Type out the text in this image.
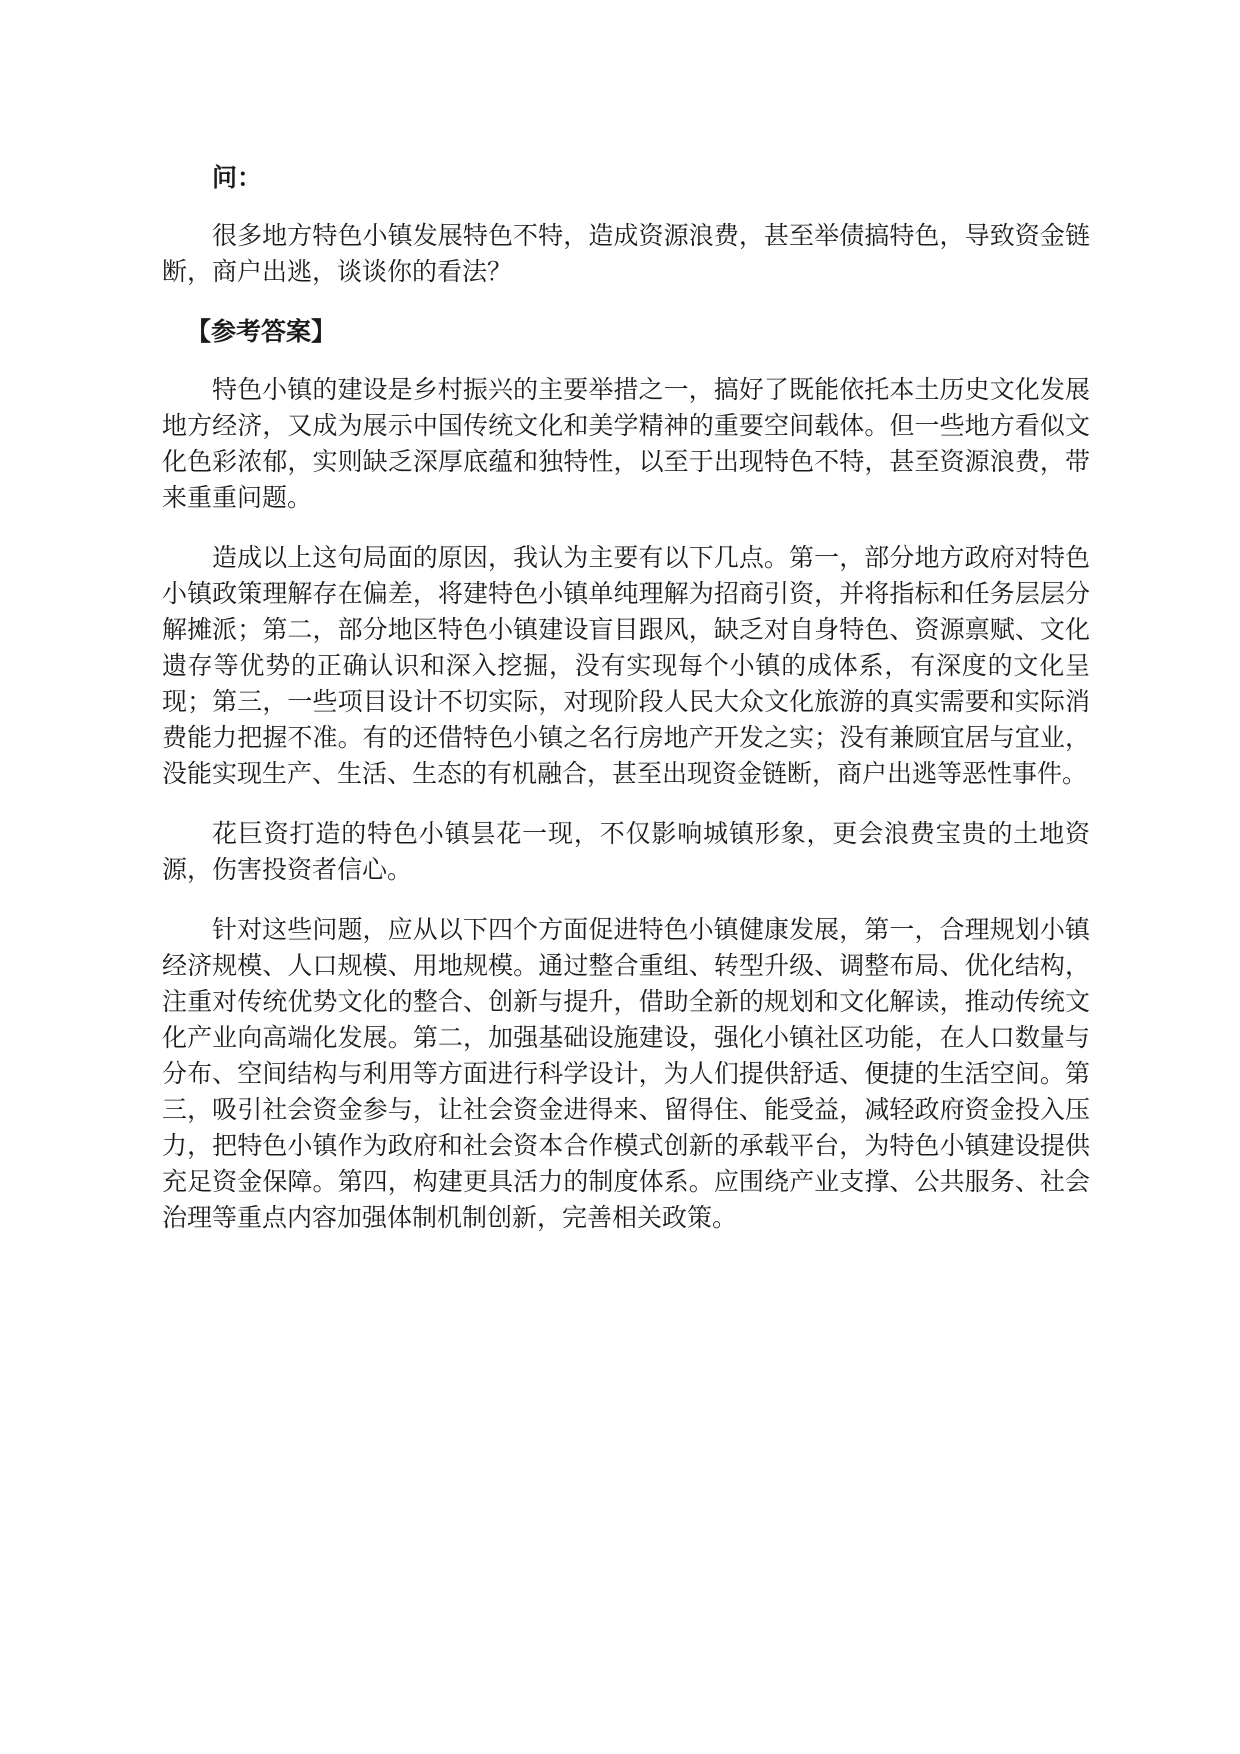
问：

很多地方特色小镇发展特色不特，造成资源浪费，甚至举债搞特色，导致资金链断，商户出逃，谈谈你的看法？

【参考答案】

特色小镇的建设是乡村振兴的主要举措之一，搞好了既能依托本土历史文化发展地方经济，又成为展示中国传统文化和美学精神的重要空间载体。但一些地方看似文化色彩浓郁，实则缺乏深厚底蕴和独特性，以至于出现特色不特，甚至资源浪费，带来重重问题。

造成以上这句局面的原因，我认为主要有以下几点。第一，部分地方政府对特色小镇政策理解存在偏差，将建特色小镇单纯理解为招商引资，并将指标和任务层层分解摊派；第二，部分地区特色小镇建设盲目跟风，缺乏对自身特色、资源禀赋、文化遗存等优势的正确认识和深入挖掘，没有实现每个小镇的成体系，有深度的文化呈现；第三，一些项目设计不切实际，对现阶段人民大众文化旅游的真实需要和实际消费能力把握不准。有的还借特色小镇之名行房地产开发之实；没有兼顾宜居与宜业，没能实现生产、生活、生态的有机融合，甚至出现资金链断，商户出逃等恶性事件。

花巨资打造的特色小镇昙花一现，不仅影响城镇形象，更会浪费宝贵的土地资源，伤害投资者信心。

针对这些问题，应从以下四个方面促进特色小镇健康发展，第一，合理规划小镇经济规模、人口规模、用地规模。通过整合重组、转型升级、调整布局、优化结构，注重对传统优势文化的整合、创新与提升，借助全新的规划和文化解读，推动传统文化产业向高端化发展。第二，加强基础设施建设，强化小镇社区功能，在人口数量与分布、空间结构与利用等方面进行科学设计，为人们提供舒适、便捷的生活空间。第三，吸引社会资金参与，让社会资金进得来、留得住、能受益，减轻政府资金投入压力，把特色小镇作为政府和社会资本合作模式创新的承载平台，为特色小镇建设提供充足资金保障。第四，构建更具活力的制度体系。应围绕产业支撑、公共服务、社会治理等重点内容加强体制机制创新，完善相关政策。
